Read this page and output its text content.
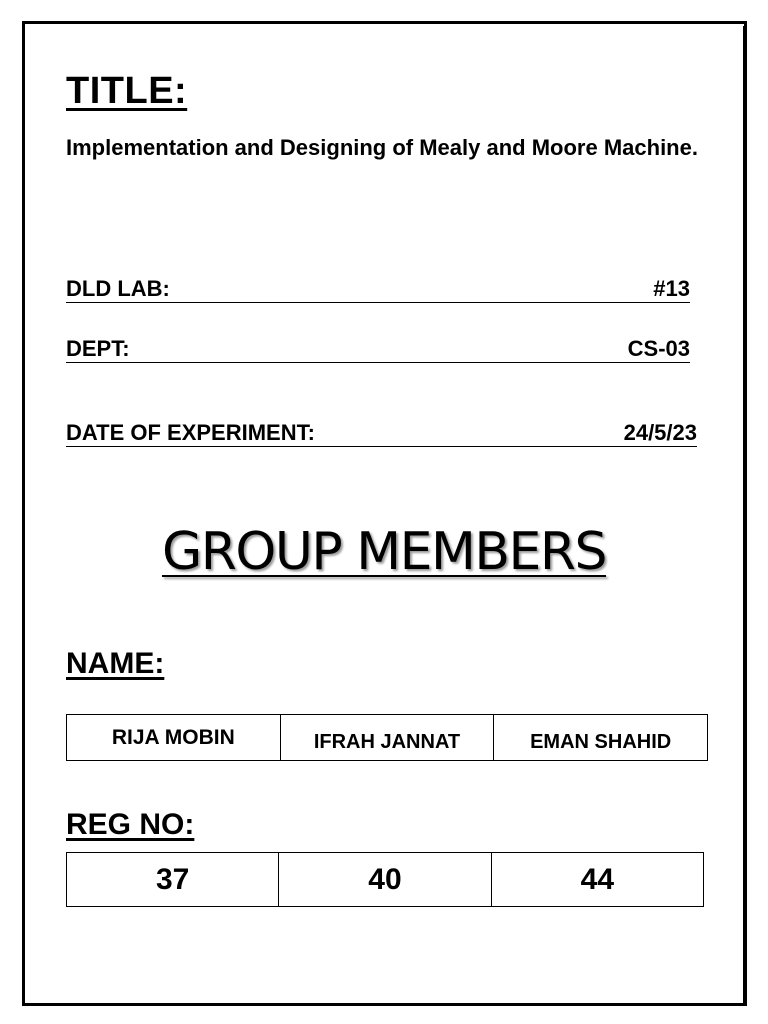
TITLE:
Implementation and Designing of Mealy and Moore Machine.
DLD LAB:	#13
DEPT:	CS-03
DATE OF EXPERIMENT:	24/5/23
GROUP MEMBERS
NAME:
RIJA MOBIN	IFRAH JANNAT	EMAN SHAHID
REG NO:
37	40	44
